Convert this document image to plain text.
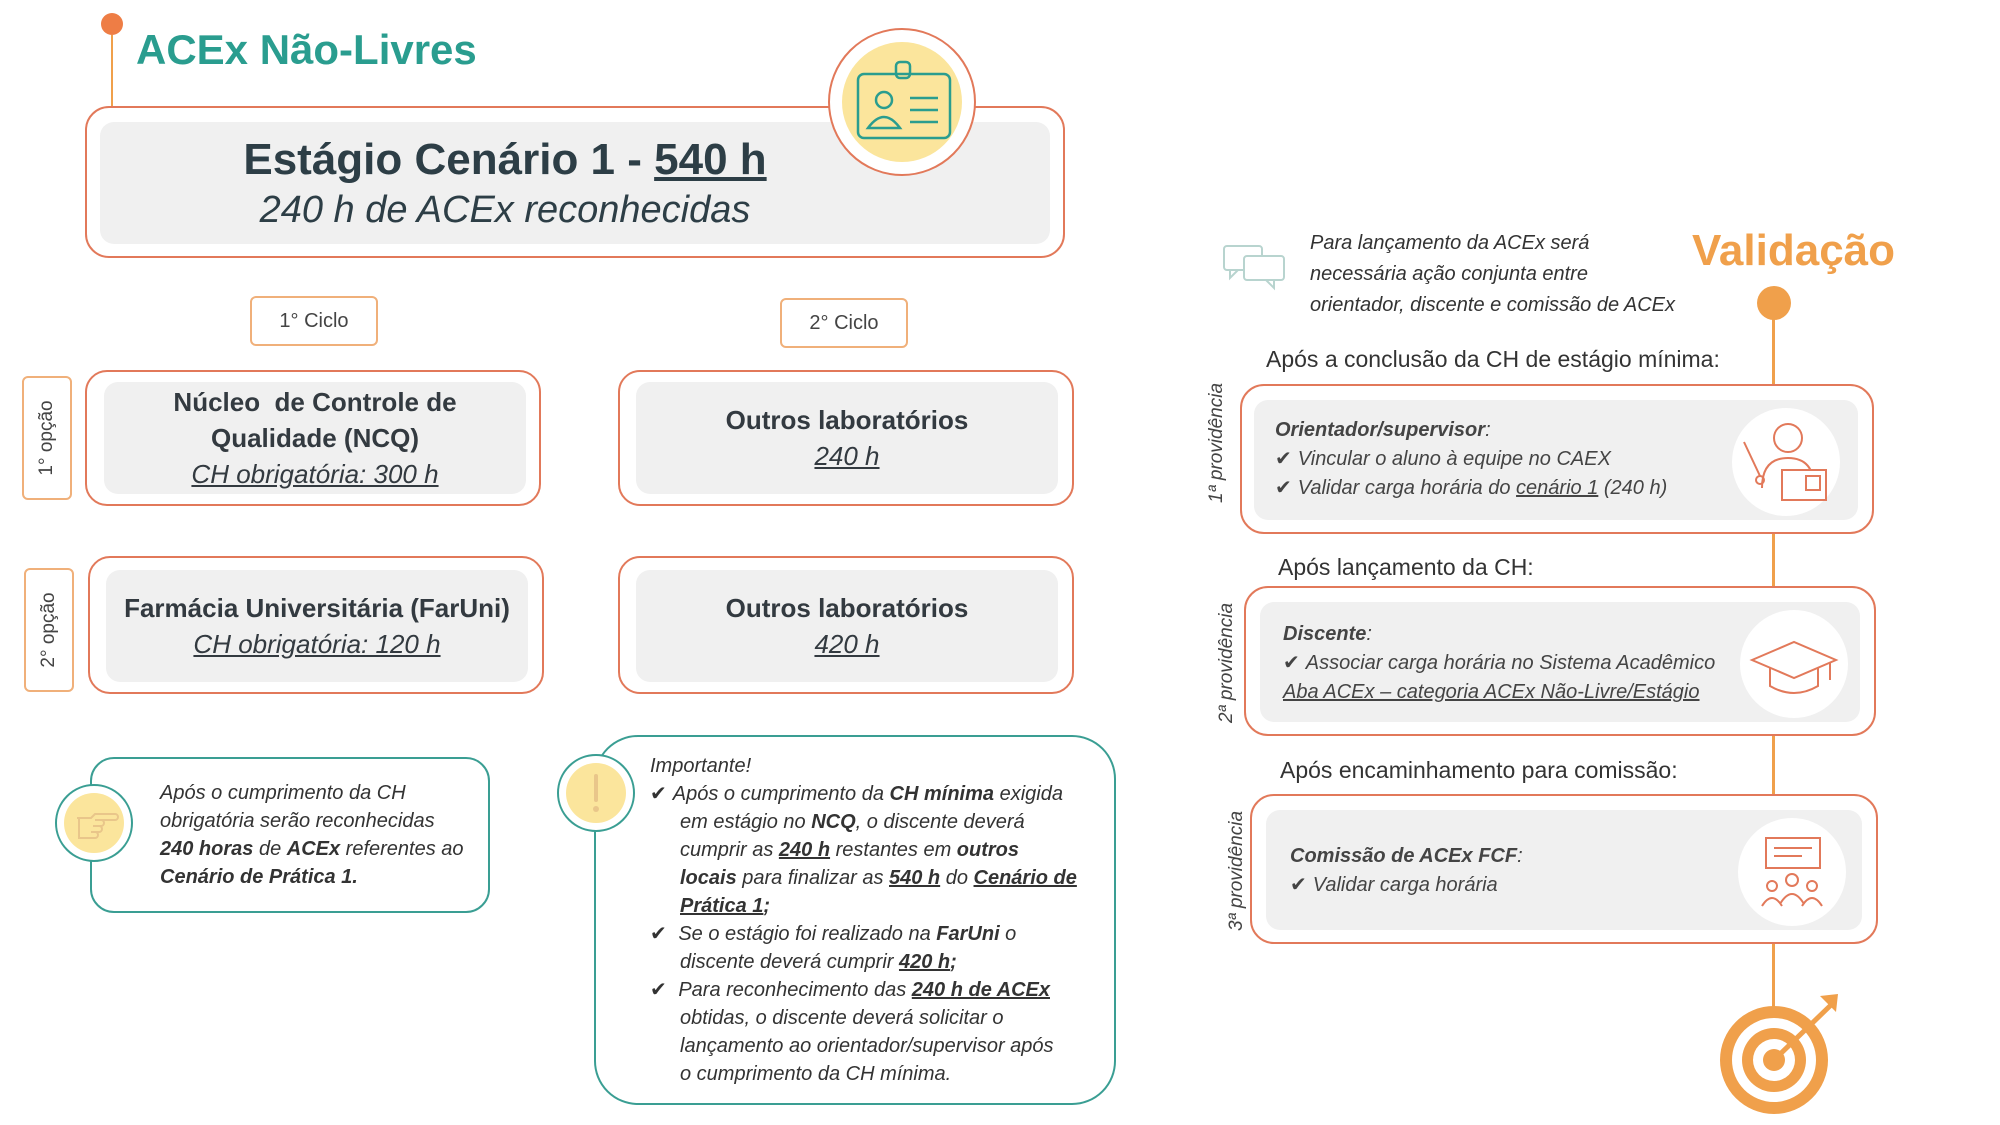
ACEx Não-Livres
Estágio Cenário 1 - 540 h
240 h de ACEx reconhecidas
1° Ciclo	2° Ciclo
1° opção
2° opção
Núcleo  de Controle de
Qualidade (NCQ)
CH obrigatória: 300 h
Outros laboratórios
240 h
Farmácia Universitária (FarUni)
CH obrigatória: 120 h
Outros laboratórios
420 h
Após o cumprimento da CH
obrigatória serão reconhecidas
240 horas de ACEx referentes ao
Cenário de Prática 1.
Importante!
✔ Após o cumprimento da CH mínima exigida
em estágio no NCQ, o discente deverá
cumprir as 240 h restantes em outros
locais para finalizar as 540 h do Cenário de
Prática 1;
✔ Se o estágio foi realizado na FarUni o
discente deverá cumprir 420 h;
✔ Para reconhecimento das 240 h de ACEx
obtidas, o discente deverá solicitar o
lançamento ao orientador/supervisor após
o cumprimento da CH mínima.
Para lançamento da ACEx será
necessária ação conjunta entre
orientador, discente e comissão de ACEx
Validação
Após a conclusão da CH de estágio mínima:
1ª providência Orientador/supervisor:
✔ Vincular o aluno à equipe no CAEX
✔ Validar carga horária do cenário 1 (240 h)
Após lançamento da CH:
2ª providência Discente:
✔ Associar carga horária no Sistema Acadêmico
Aba ACEx – categoria ACEx Não-Livre/Estágio
Após encaminhamento para comissão:
3ª providência Comissão de ACEx FCF:
✔ Validar carga horária
